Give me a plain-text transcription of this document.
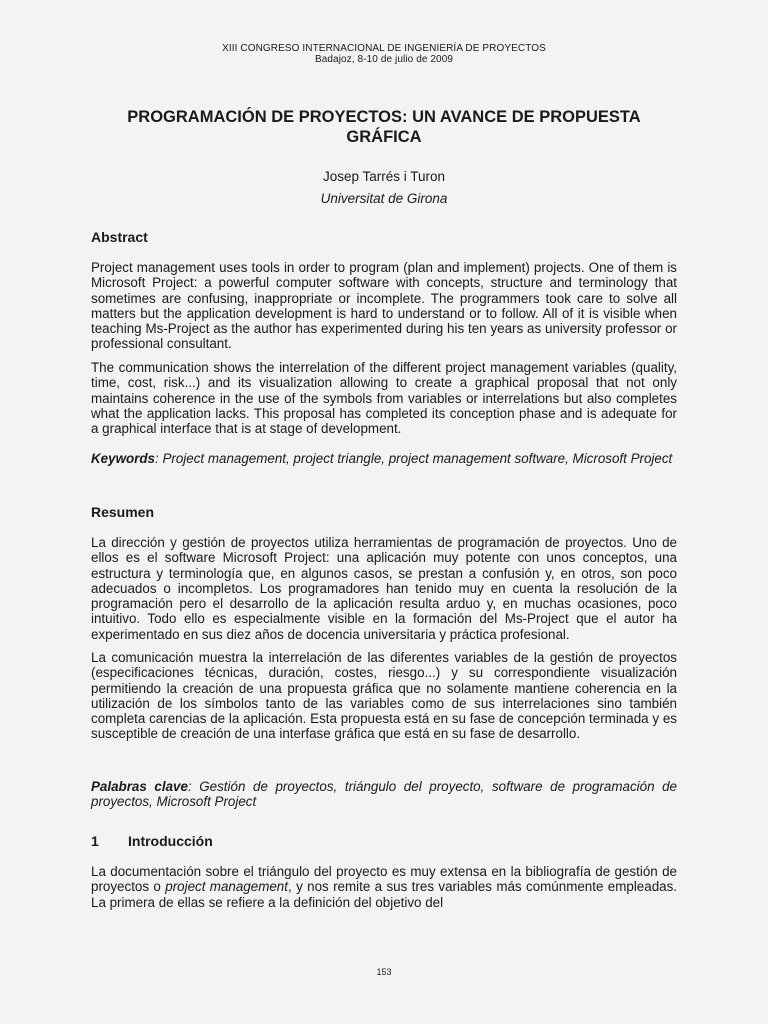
XIII CONGRESO INTERNACIONAL DE INGENIERÍA DE PROYECTOS
Badajoz, 8-10 de julio de 2009
PROGRAMACIÓN DE PROYECTOS: UN AVANCE DE PROPUESTA GRÁFICA
Josep Tarrés i Turon
Universitat de Girona
Abstract

Project management uses tools in order to program (plan and implement) projects. One of them is Microsoft Project: a powerful computer software with concepts, structure and terminology that sometimes are confusing, inappropriate or incomplete. The programmers took care to solve all matters but the application development is hard to understand or to follow. All of it is visible when teaching Ms-Project as the author has experimented during his ten years as university professor or professional consultant.

The communication shows the interrelation of the different project management variables (quality, time, cost, risk...) and its visualization allowing to create a graphical proposal that not only maintains coherence in the use of the symbols from variables or interrelations but also completes what the application lacks. This proposal has completed its conception phase and is adequate for a graphical interface that is at stage of development.

Keywords: Project management, project triangle, project management software, Microsoft Project

Resumen

La dirección y gestión de proyectos utiliza herramientas de programación de proyectos. Uno de ellos es el software Microsoft Project: una aplicación muy potente con unos conceptos, una estructura y terminología que, en algunos casos, se prestan a confusión y, en otros, son poco adecuados o incompletos. Los programadores han tenido muy en cuenta la resolución de la programación pero el desarrollo de la aplicación resulta arduo y, en muchas ocasiones, poco intuitivo. Todo ello es especialmente visible en la formación del Ms-Project que el autor ha experimentado en sus diez años de docencia universitaria y práctica profesional.

La comunicación muestra la interrelación de las diferentes variables de la gestión de proyectos (especificaciones técnicas, duración, costes, riesgo...) y su correspondiente visualización permitiendo la creación de una propuesta gráfica que no solamente mantiene coherencia en la utilización de los símbolos tanto de las variables como de sus interrelaciones sino también completa carencias de la aplicación. Esta propuesta está en su fase de concepción terminada y es susceptible de creación de una interfase gráfica que está en su fase de desarrollo.

Palabras clave: Gestión de proyectos, triángulo del proyecto, software de programación de proyectos, Microsoft Project

1 Introducción

La documentación sobre el triángulo del proyecto es muy extensa en la bibliografía de gestión de proyectos o project management, y nos remite a sus tres variables más comúnmente empleadas. La primera de ellas se refiere a la definición del objetivo del

153
